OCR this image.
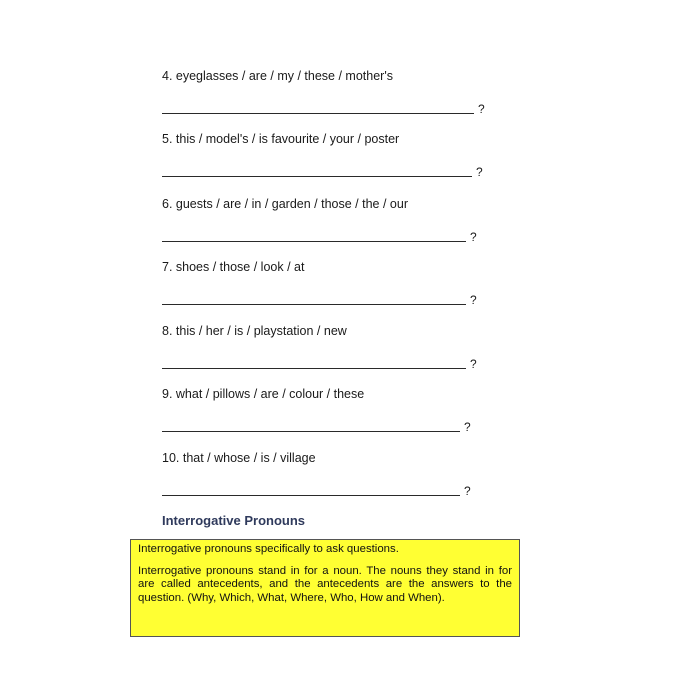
4. eyeglasses / are / my / these / mother's
?
5. this / model's / is favourite / your / poster
?
6. guests / are / in / garden / those / the / our
?
7. shoes / those / look / at
?
8. this / her / is / playstation / new
?
9. what / pillows / are / colour / these
?
10. that / whose / is / village
?
Interrogative Pronouns

Interrogative pronouns specifically to ask questions.

Interrogative pronouns stand in for a noun. The nouns they stand in for are called antecedents, and the antecedents are the answers to the question. (Why, Which, What, Where, Who, How and When).
